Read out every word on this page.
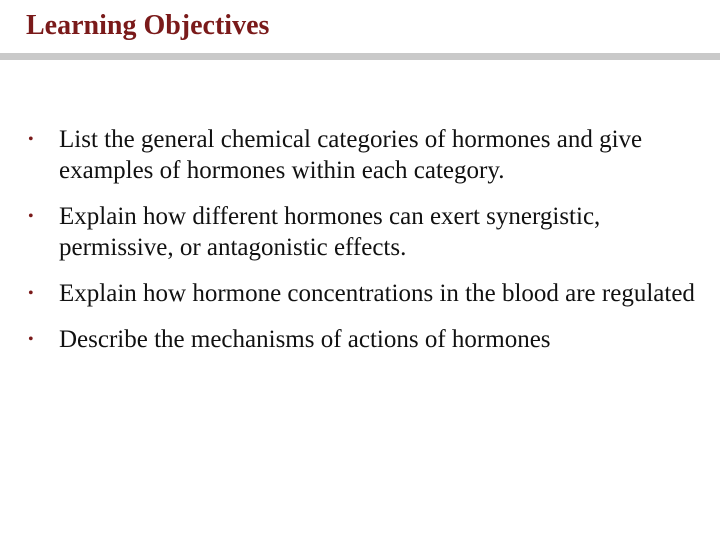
Learning Objectives
•	List the general chemical categories of hormones and give examples of hormones within each category.
•	Explain how different hormones can exert synergistic, permissive, or antagonistic effects.
•	Explain how hormone concentrations in the blood are regulated
•	Describe the mechanisms of actions of hormones
